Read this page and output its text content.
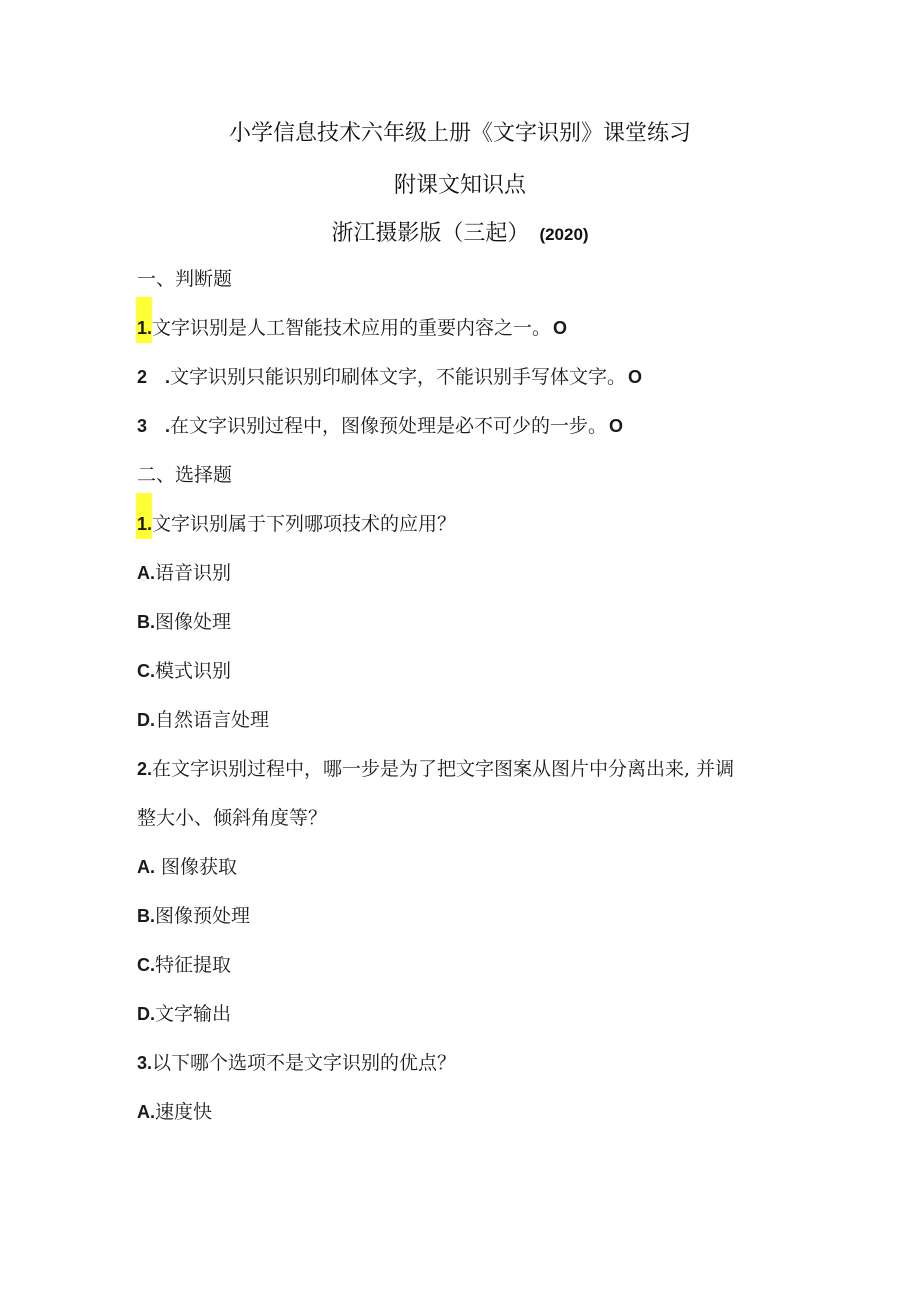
小学信息技术六年级上册《文字识别》课堂练习
附课文知识点
浙江摄影版（三起） (2020)
一、判断题
1.文字识别是人工智能技术应用的重要内容之一。 O
2　.文字识别只能识别印刷体文字，不能识别手写体文字。 O
3　.在文字识别过程中，图像预处理是必不可少的一步。 O
二、选择题
1.文字识别属于下列哪项技术的应用？
A.语音识别
B.图像处理
C.模式识别
D.自然语言处理
2.在文字识别过程中，哪一步是为了把文字图案从图片中分离出来, 并调
整大小、倾斜角度等？
A. 图像获取
B.图像预处理
C.特征提取
D.文字输出
3.以下哪个选项不是文字识别的优点？
A.速度快
